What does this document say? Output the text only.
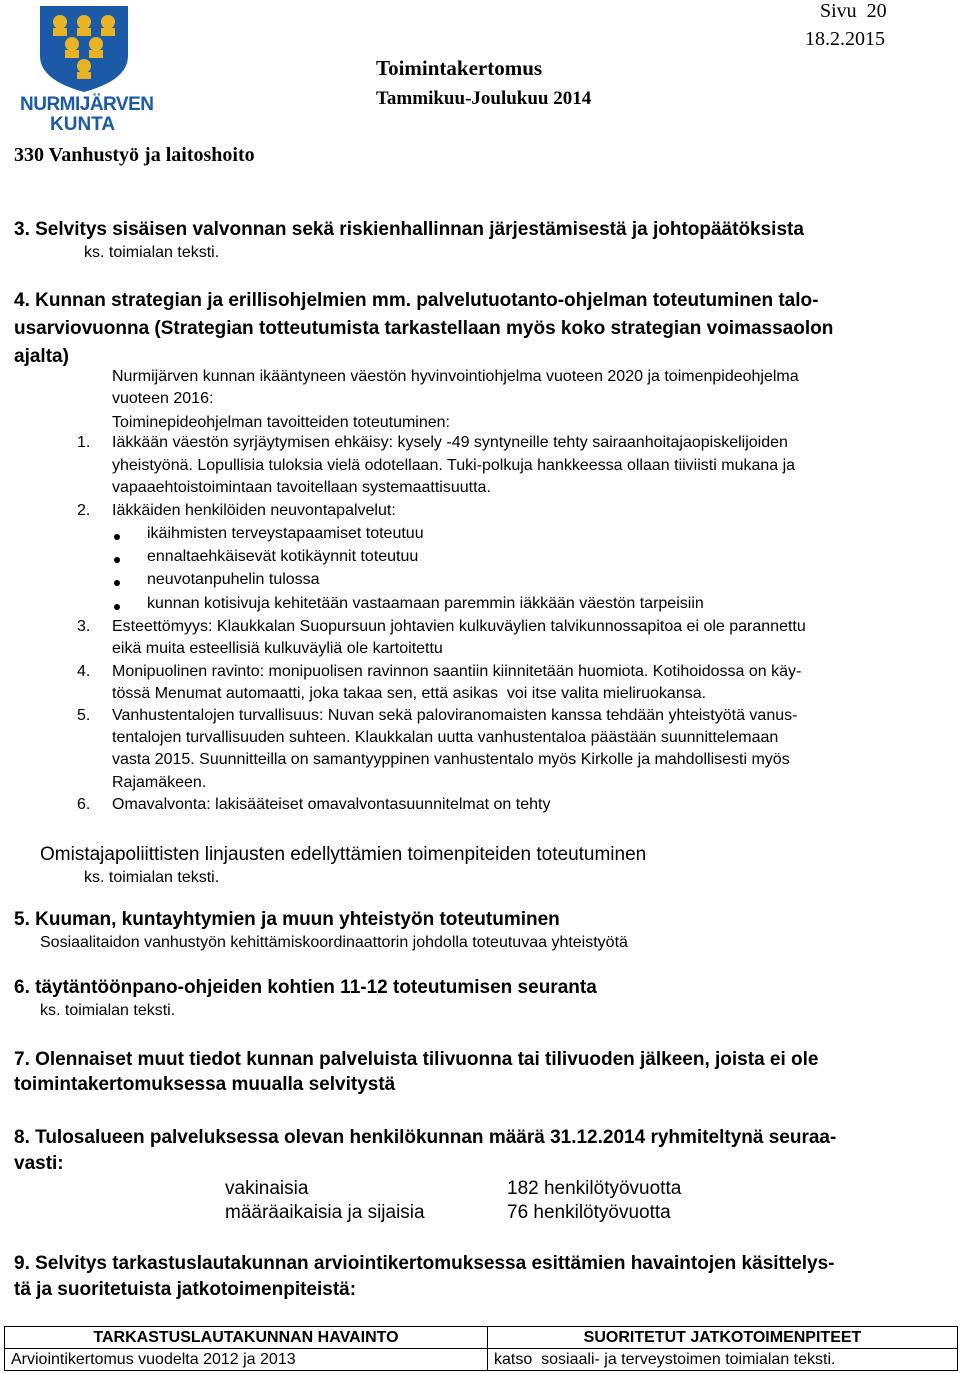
NURMIJÄRVEN
KUNTA
Sivu  20
18.2.2015
Toimintakertomus
Tammikuu-Joulukuu 2014
330 Vanhustyö ja laitoshoito
3. Selvitys sisäisen valvonnan sekä riskienhallinnan järjestämisestä ja johtopäätöksista
ks. toimialan teksti.
4. Kunnan strategian ja erillisohjelmien mm. palvelutuotanto-ohjelman toteutuminen talo-
usarviovuonna (Strategian totteutumista tarkastellaan myös koko strategian voimassaolon
ajalta)
Nurmijärven kunnan ikääntyneen väestön hyvinvointiohjelma vuoteen 2020 ja toimenpideohjelma
vuoteen 2016:
Toiminepideohjelman tavoitteiden toteutuminen:
1. Iäkkään väestön syrjäytymisen ehkäisy: kysely -49 syntyneille tehty sairaanhoitajaopiskelijoiden
yheistyönä. Lopullisia tuloksia vielä odotellaan. Tuki-polkuja hankkeessa ollaan tiiviisti mukana ja
vapaaehtoistoimintaan tavoitellaan systemaattisuutta.
2. Iäkkäiden henkilöiden neuvontapalvelut:
ikäihmisten terveystapaamiset toteutuu
ennaltaehkäisevät kotikäynnit toteutuu
neuvotanpuhelin tulossa
kunnan kotisivuja kehitetään vastaamaan paremmin iäkkään väestön tarpeisiin
3. Esteettömyys: Klaukkalan Suopursuun johtavien kulkuväylien talvikunnossapitoa ei ole parannettu
eikä muita esteellisiä kulkuväyliä ole kartoitettu
4. Monipuolinen ravinto: monipuolisen ravinnon saantiin kiinnitetään huomiota. Kotihoidossa on käy-
tössä Menumat automaatti, joka takaa sen, että asikas  voi itse valita mieliruokansa.
5. Vanhustentalojen turvallisuus: Nuvan sekä paloviranomaisten kanssa tehdään yhteistyötä vanus-
tentalojen turvallisuuden suhteen. Klaukkalan uutta vanhustentaloa päästään suunnittelemaan
vasta 2015. Suunnitteilla on samantyyppinen vanhustentalo myös Kirkolle ja mahdollisesti myös
Rajamäkeen.
6. Omavalvonta: lakisääteiset omavalvontasuunnitelmat on tehty
Omistajapoliittisten linjausten edellyttämien toimenpiteiden toteutuminen
ks. toimialan teksti.
5. Kuuman, kuntayhtymien ja muun yhteistyön toteutuminen
Sosiaalitaidon vanhustyön kehittämiskoordinaattorin johdolla toteutuvaa yhteistyötä
6. täytäntöönpano-ohjeiden kohtien 11-12 toteutumisen seuranta
ks. toimialan teksti.
7. Olennaiset muut tiedot kunnan palveluista tilivuonna tai tilivuoden jälkeen, joista ei ole
toimintakertomuksessa muualla selvitystä
8. Tulosalueen palveluksessa olevan henkilökunnan määrä 31.12.2014 ryhmiteltynä seuraa-
vasti:
vakinaisia	182 henkilötyövuotta
määräaikaisia ja sijaisia	76 henkilötyövuotta
9. Selvitys tarkastuslautakunnan arviointikertomuksessa esittämien havaintojen käsittelys-
tä ja suoritetuista jatkotoimenpiteistä:
TARKASTUSLAUTAKUNNAN HAVAINTO	SUORITETUT JATKOTOIMENPITEET
Arviointikertomus vuodelta 2012 ja 2013	katso  sosiaali- ja terveystoimen toimialan teksti.
